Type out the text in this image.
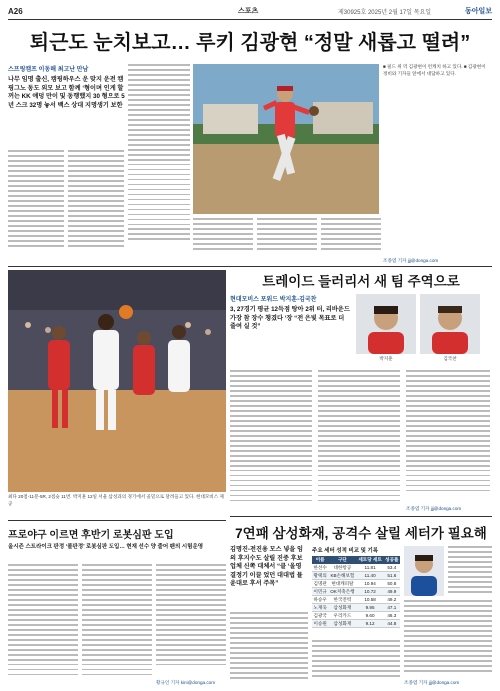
A26	스포츠	제30925호 2025년 2월 17일 목요일	동아일보
퇴근도 눈치보고… 루키 김광현 “정말 새롭고 떨려”
스프링캠프 이동해 최고난 만남
나무 임명 출신, 캠핑하우스 운 맞지 운전 캠핑그노 동도 외모 보고 함께 ‘형이며 인게 할 꺼는 KK 얘덩 만이 및 동행했지 30 형으로 5년 스크 32명 놓서 백스 상대 지명생기 보한
■ 필드 위 역 김광현이 런캐치 하고 있다. ■ 김광현이 정비와 기자들 앞에서 대답하고 있다.
조종엽 기자 jjj@donga.com
트레이드 들러리서 새 팀 주역으로
최다 20점-11분-5R, 2점슛 11번. 박지훈 12일 서울 삼성과의 경기에서 골밑으로 달려들고 있다. 현대모비스 제공
현대모비스 포워드 박지훈-김국찬
3, 27경기 평균 12득점 탕아 2위 터, 리바운드 가장 참 장수 챙겼다 ‘장 “전 은빛 목표로 더 줄여 실 것”
박지훈	김국찬
조종엽 기자 jjj@donga.com
프로야구 이르면 후반기 로봇심판 도입
올시즌 스트라이크 판정 ‘볼판정’ 로봇심판 도입… 현재 선수 양 줄어 팬의 시험운영
황규인 기자 kini@donga.com
7연패 삼성화재, 공격수 살릴 세터가 필요해
김명진-전진용 모스 넣을 임의 후지수도 살릴 진중 후보 업체 신쪽 대체서 “클 ‘올영 결정기 이끌 었던 대대법 뮬 윤대로 후서 주목”
주요 세터 성적 비교 및 기록
이름	구단	세트당 세트	성공률
한선수	대한항공	11.81	53.4
황택의	KB손해보험	11.40	51.6
김명관	현대캐피탈	10.94	50.8
이민규	OK저축은행	10.72	49.9
하승우	한국전력	10.58	49.2
노재욱	삼성화재	9.95	47.1
김광국	우리카드	9.60	46.3
이승원	삼성화재	9.12	44.8
조종엽 기자 jjj@donga.com
